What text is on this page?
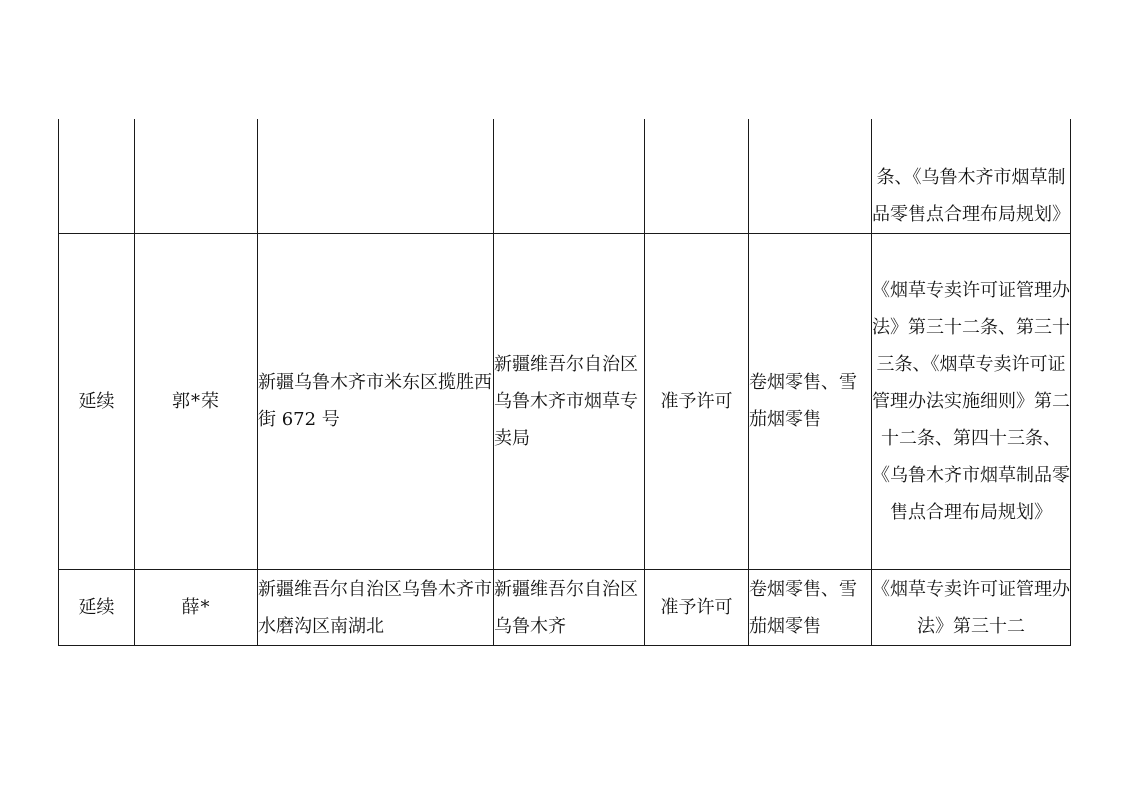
						条、《乌鲁木齐市烟草制品零售点合理布局规划》
延续	郭*荣	新疆乌鲁木齐市米东区揽胜西街 672 号	新疆维吾尔自治区乌鲁木齐市烟草专卖局	准予许可	卷烟零售、雪茄烟零售	《烟草专卖许可证管理办法》第三十二条、第三十三条、《烟草专卖许可证管理办法实施细则》第二十二条、第四十三条、《乌鲁木齐市烟草制品零售点合理布局规划》
延续	薛*	新疆维吾尔自治区乌鲁木齐市水磨沟区南湖北	新疆维吾尔自治区乌鲁木齐	准予许可	卷烟零售、雪茄烟零售	《烟草专卖许可证管理办法》第三十二
